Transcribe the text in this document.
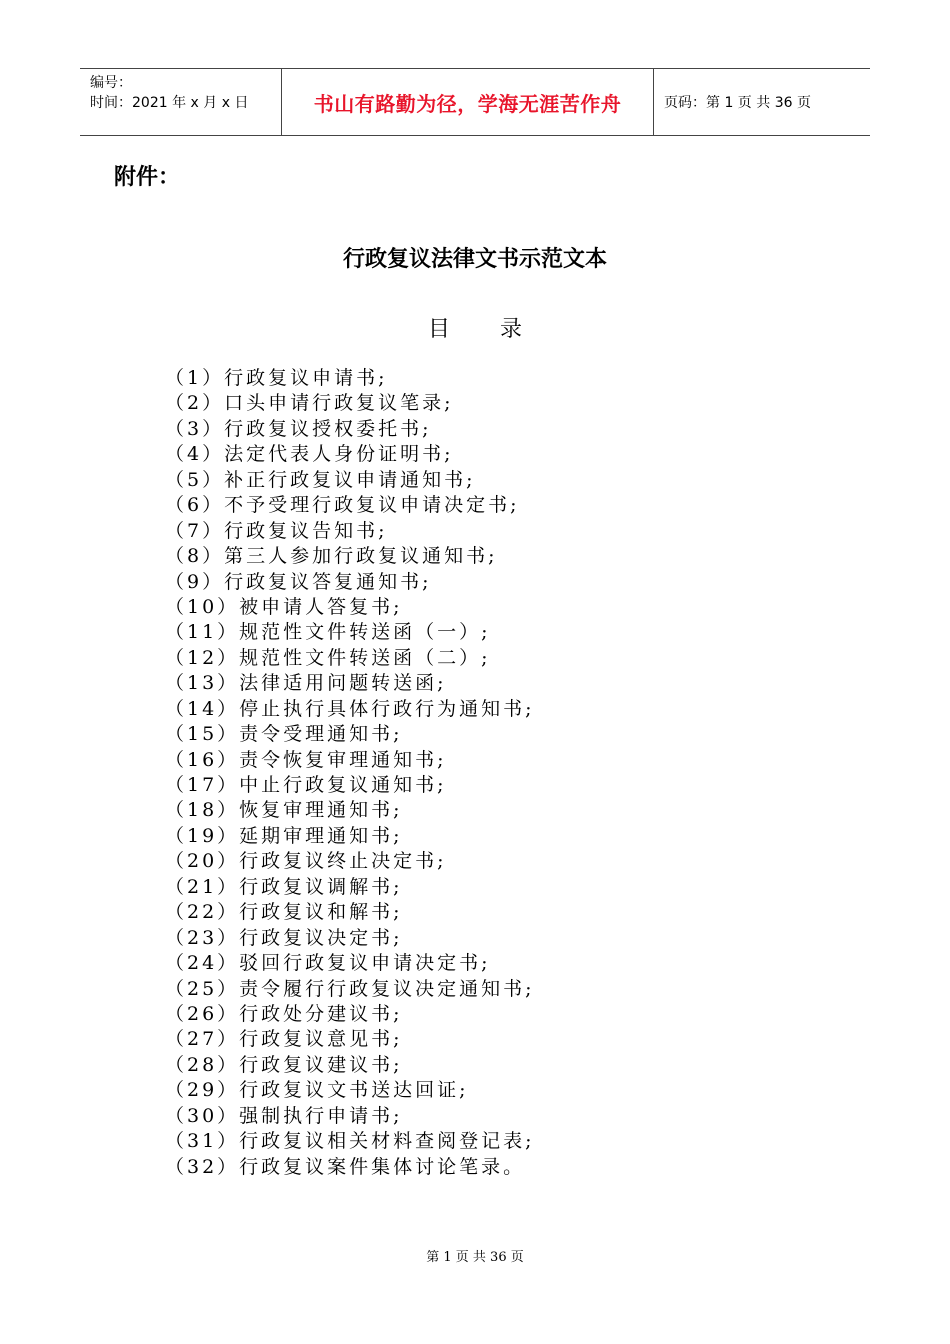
编号：
时间：2021 年 x 月 x 日	书山有路勤为径，学海无涯苦作舟	页码：第 1 页 共 36 页
附件：
行政复议法律文书示范文本
目 录
（1）行政复议申请书;
（2）口头申请行政复议笔录;
（3）行政复议授权委托书;
（4）法定代表人身份证明书;
（5）补正行政复议申请通知书;
（6）不予受理行政复议申请决定书;
（7）行政复议告知书;
（8）第三人参加行政复议通知书;
（9）行政复议答复通知书;
（10）被申请人答复书;
（11）规范性文件转送函（一）;
（12）规范性文件转送函（二）;
（13）法律适用问题转送函;
（14）停止执行具体行政行为通知书;
（15）责令受理通知书;
（16）责令恢复审理通知书;
（17）中止行政复议通知书;
（18）恢复审理通知书;
（19）延期审理通知书;
（20）行政复议终止决定书;
（21）行政复议调解书;
（22）行政复议和解书;
（23）行政复议决定书;
（24）驳回行政复议申请决定书;
（25）责令履行行政复议决定通知书;
（26）行政处分建议书;
（27）行政复议意见书;
（28）行政复议建议书;
（29）行政复议文书送达回证;
（30）强制执行申请书;
（31）行政复议相关材料查阅登记表;
（32）行政复议案件集体讨论笔录。
第 1 页 共 36 页
